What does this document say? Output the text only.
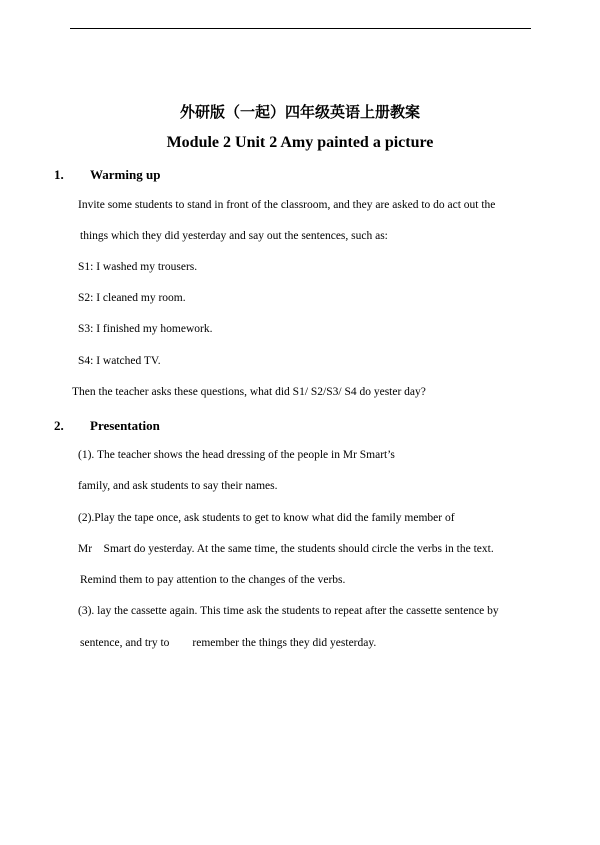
外研版（一起）四年级英语上册教案
Module 2 Unit 2 Amy painted a picture
1. Warming up
Invite some students to stand in front of the classroom, and they are asked to do act out the
things which they did yesterday and say out the sentences, such as:
S1: I washed my trousers.
S2: I cleaned my room.
S3: I finished my homework.
S4: I watched TV.
Then the teacher asks these questions, what did S1/ S2/S3/ S4 do yester day?
2. Presentation
(1). The teacher shows the head dressing of the people in Mr Smart’s
family, and ask students to say their names.
(2).Play the tape once, ask students to get to know what did the family member of
Mr    Smart do yesterday. At the same time, the students should circle the verbs in the text.
Remind them to pay attention to the changes of the verbs.
(3). lay the cassette again. This time ask the students to repeat after the cassette sentence by
sentence, and try to        remember the things they did yesterday.
